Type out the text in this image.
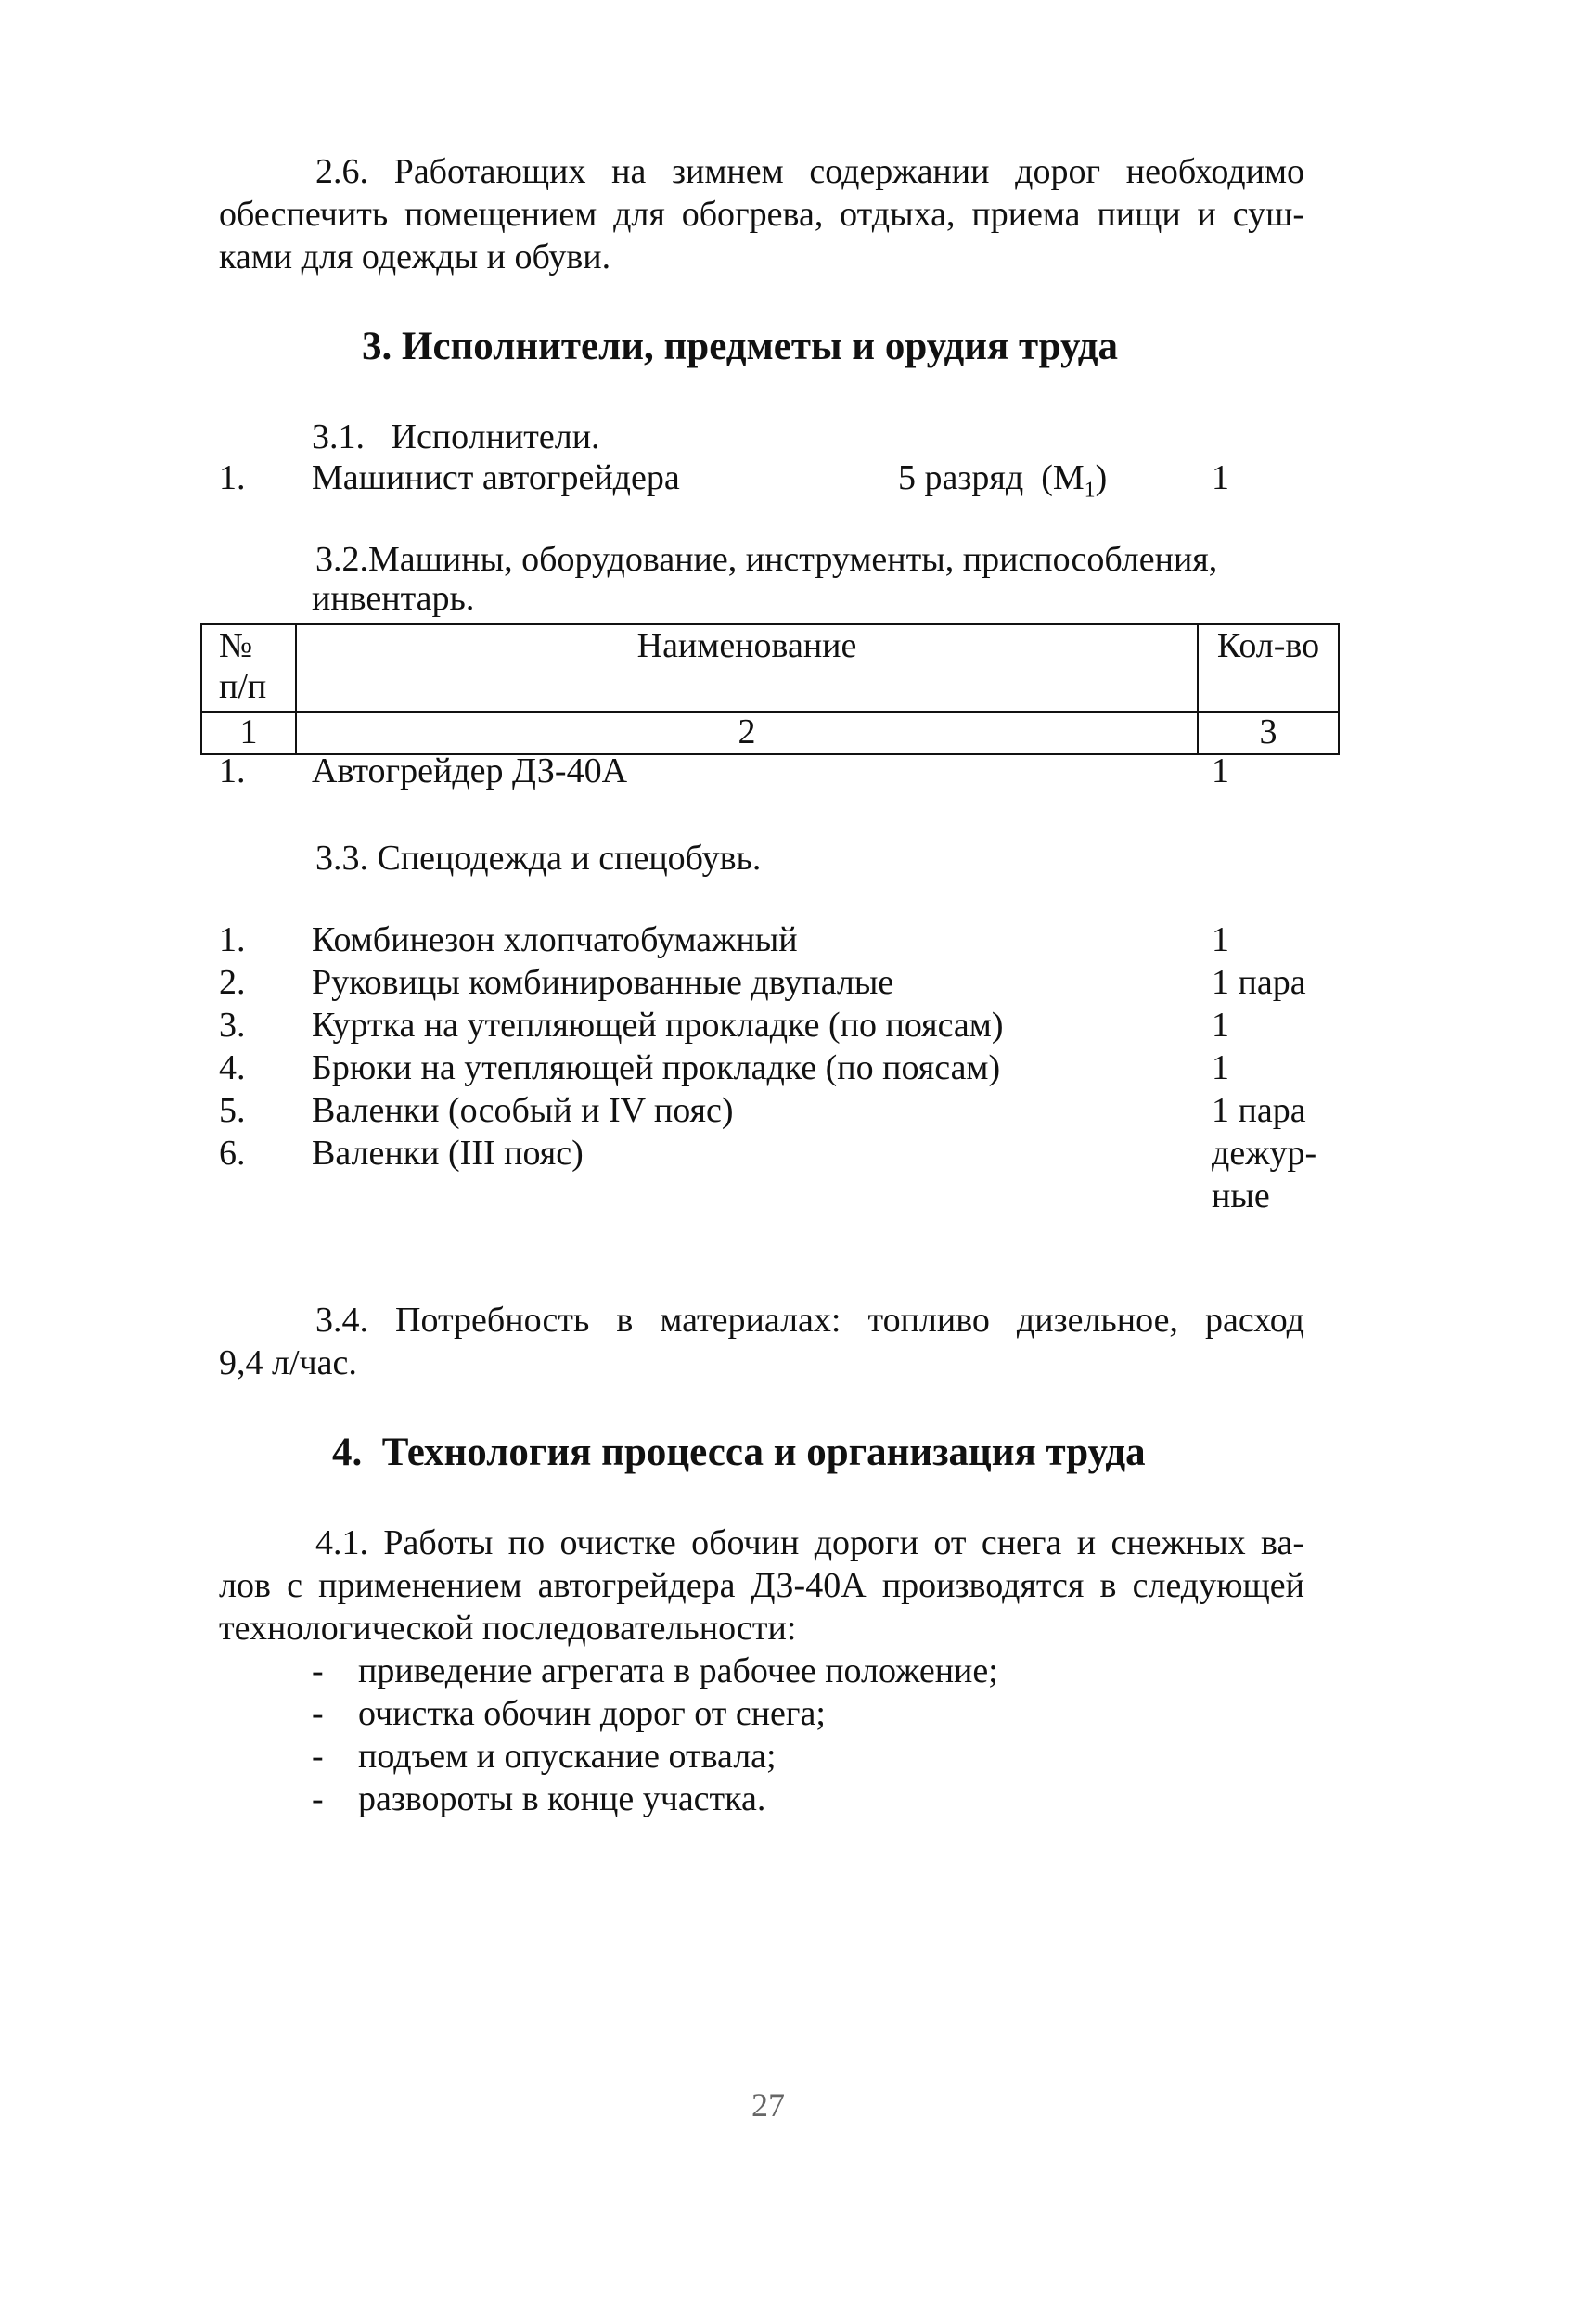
2.6. Работающих на зимнем содержании дорог необходимо
обеспечить помещением для обогрева, отдыха, приема пищи и суш-
ками для одежды и обуви.
3. Исполнители, предметы и орудия труда
3.1.   Исполнители.
1. Машинист автогрейдера	5 разряд  $(М_1)$	1
3.2.Машины, оборудование, инструменты, приспособления,
инвентарь.
№ п/п	Наименование	Кол-во
1	2	3
1. Автогрейдер ДЗ-40А	1
3.3. Спецодежда и спецобувь.
1. Комбинезон хлопчатобумажный	1
2. Руковицы комбинированные двупалые	1 пара
3. Куртка на утепляющей прокладке (по поясам)	1
4. Брюки на утепляющей прокладке (по поясам)	1
5. Валенки (особый и IV пояс)	1 пара
6. Валенки (III пояс)	дежур-
ные
3.4. Потребность в материалах: топливо дизельное, расход
9,4 л/час.
4.  Технология процесса и организация труда
4.1. Работы по очистке обочин дороги от снега и снежных ва-
лов с применением автогрейдера ДЗ-40А производятся в следующей
технологической последовательности:
- приведение агрегата в рабочее положение;
- очистка обочин дорог от снега;
- подъем и опускание отвала;
- развороты в конце участка.
27
